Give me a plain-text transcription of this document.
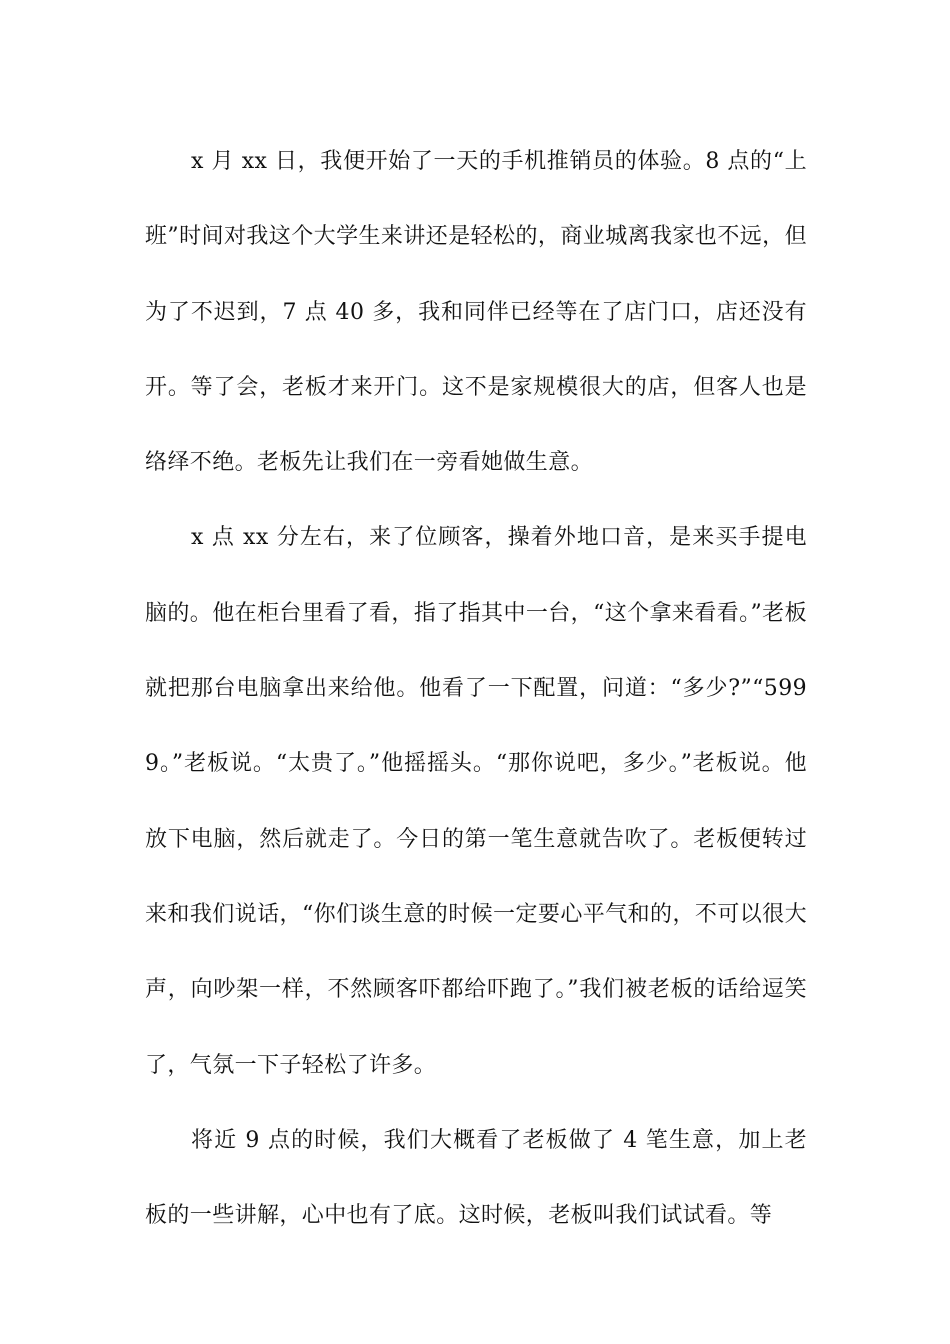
x 月 xx 日，我便开始了一天的手机推销员的体验。8 点的“上班”时间对我这个大学生来讲还是轻松的，商业城离我家也不远，但为了不迟到，7 点 40 多，我和同伴已经等在了店门口，店还没有开。等了会，老板才来开门。这不是家规模很大的店，但客人也是络绎不绝。老板先让我们在一旁看她做生意。

x 点 xx 分左右，来了位顾客，操着外地口音，是来买手提电脑的。他在柜台里看了看，指了指其中一台，“这个拿来看看。”老板就把那台电脑拿出来给他。他看了一下配置，问道：“多少?”“5999。”老板说。“太贵了。”他摇摇头。“那你说吧，多少。”老板说。他放下电脑，然后就走了。今日的第一笔生意就告吹了。老板便转过来和我们说话，“你们谈生意的时候一定要心平气和的，不可以很大声，向吵架一样，不然顾客吓都给吓跑了。”我们被老板的话给逗笑了，气氛一下子轻松了许多。

将近 9 点的时候，我们大概看了老板做了 4 笔生意，加上老板的一些讲解，心中也有了底。这时候，老板叫我们试试看。等
